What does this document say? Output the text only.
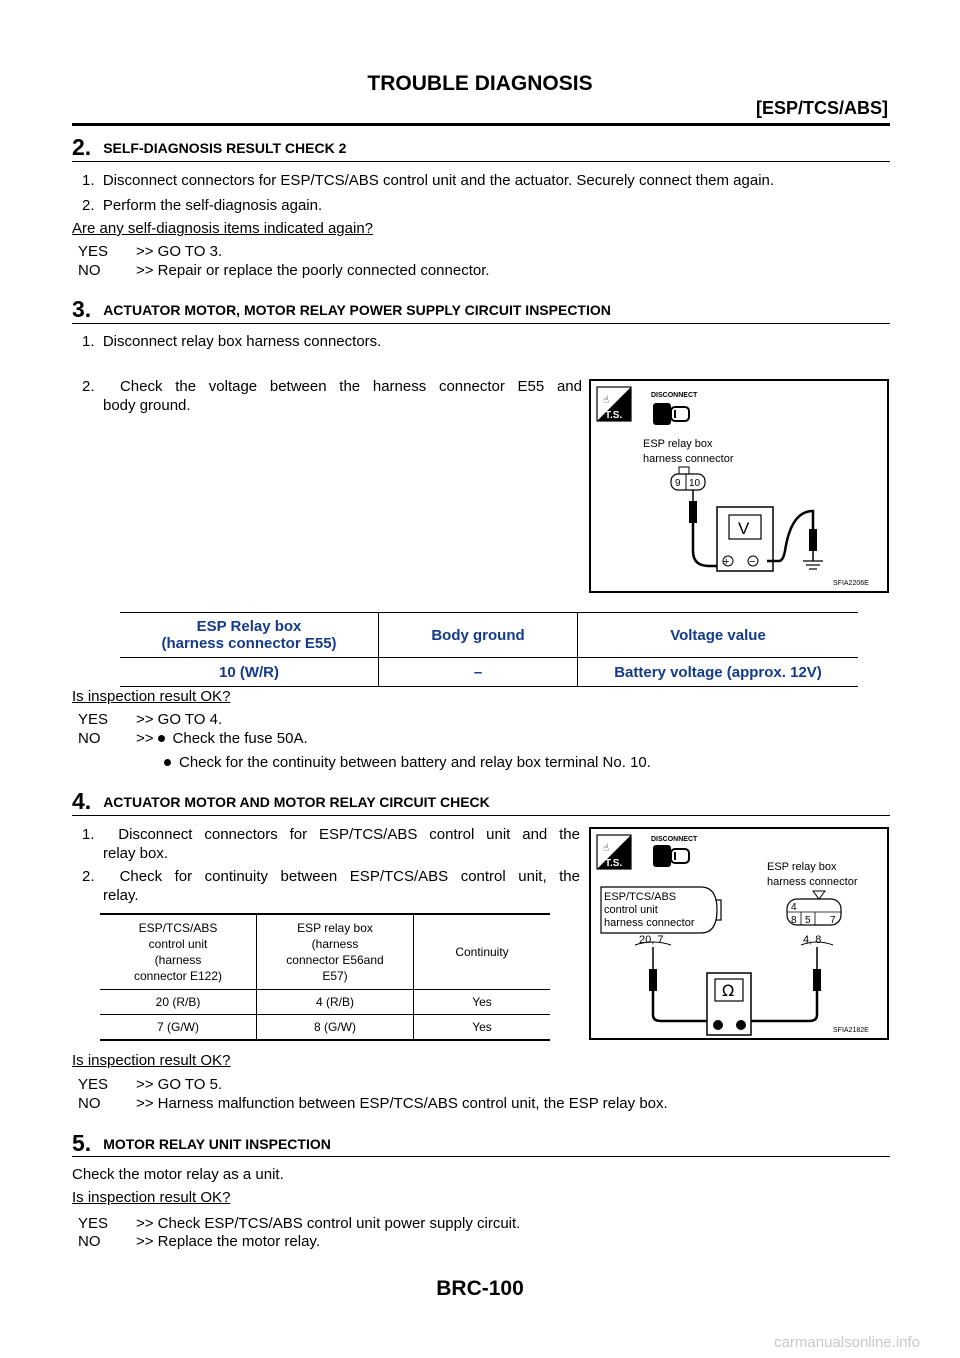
TROUBLE DIAGNOSIS
[ESP/TCS/ABS]
2. SELF-DIAGNOSIS RESULT CHECK 2
1.  Disconnect connectors for ESP/TCS/ABS control unit and the actuator. Securely connect them again.
2.  Perform the self-diagnosis again.
Are any self-diagnosis items indicated again?
YES >> GO TO 3.
NO >> Repair or replace the poorly connected connector.
3. ACTUATOR MOTOR, MOTOR RELAY POWER SUPPLY CIRCUIT INSPECTION
1.  Disconnect relay box harness connectors.
2.  Check the voltage between the harness connector E55 and
body ground.	☝
T.S.
DISCONNECT
ESP relay box
harness connector
9 10
V
+ −
SFIA2206E
ESP Relay box
(harness connector E55)	Body ground	Voltage value
10 (W/R)	–	Battery voltage (approx. 12V)
Is inspection result OK?
YES >> GO TO 4.
NO >> Check the fuse 50A.
Check for the continuity between battery and relay box terminal No. 10.
4. ACTUATOR MOTOR AND MOTOR RELAY CIRCUIT CHECK
1.  Disconnect connectors for ESP/TCS/ABS control unit and the
relay box.
2.  Check for continuity between ESP/TCS/ABS control unit, the
relay.
ESP/TCS/ABS
control unit
(harness
connector E122)	ESP relay box
(harness
connector E56and
E57)	Continuity
20 (R/B)	4 (R/B)	Yes
7 (G/W)	8 (G/W)	Yes
☝
T.S.
DISCONNECT
ESP relay box
harness connector
ESP/TCS/ABS
control unit
harness connector
4
8 5 7
20, 7	4, 8
Ω
SFIA2182E
Is inspection result OK?
YES >> GO TO 5.
NO >> Harness malfunction between ESP/TCS/ABS control unit, the ESP relay box.
5. MOTOR RELAY UNIT INSPECTION
Check the motor relay as a unit.
Is inspection result OK?
YES >> Check ESP/TCS/ABS control unit power supply circuit.
NO >> Replace the motor relay.
BRC-100
carmanualsonline.info
